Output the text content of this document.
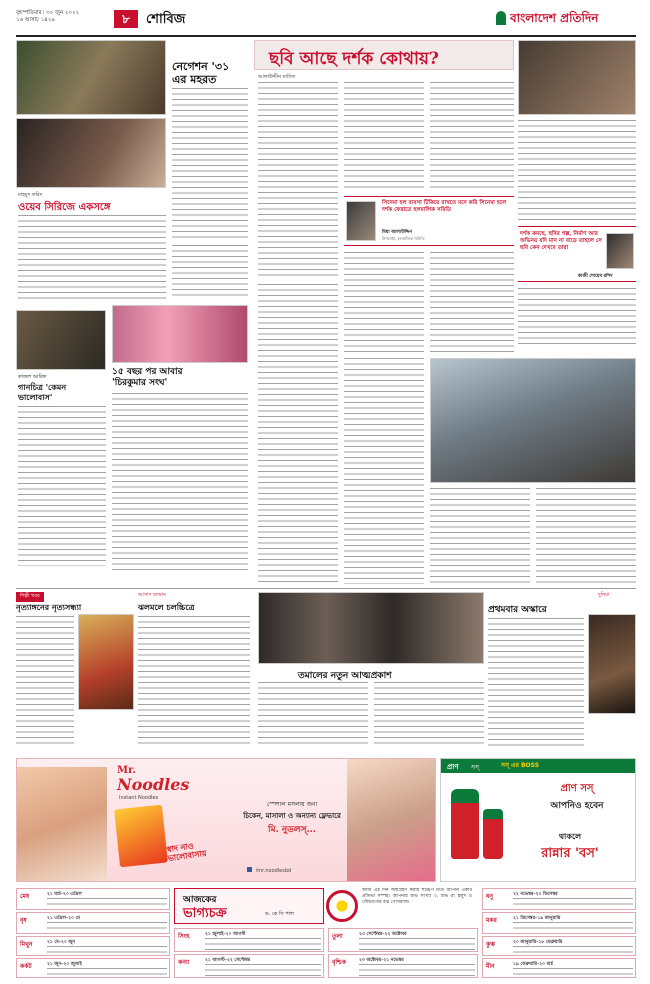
বৃহস্পতিবার ৷ ৩০ জুন ২০২২
১৬ আষাঢ় ১৪২৯	৮	শোবিজ	বাংলাদেশ প্রতিদিন
নেগেশন '৩১
এর মহরত
মাহমুদ ফরিদ
ওয়েব সিরিজে একসঙ্গে
কাজল আরিফ
গানচিত্র 'কেমন
ভালোবাস'
১৫ বছর পর আবার
'চিরকুমার সংঘ'
ছবি আছে দর্শক কোথায়?
আলাউদ্দীন মাজিদ
সিনেমা হল ব্যবসা টিকিয়ে রাখতে মনে করি সিনেমা হলে দর্শক ফেরাতে হলমালিক সমিতি
মিয়া আলাউদ্দিন
উপদেষ্টা, হলমালিক সমিতি
দর্শক কমছে, ছবির গল্প, নির্মাণ আর অভিনয় যদি মান না বাড়ে তাহলে সে ছবি কেন দেখবে তারা
কাজী শোয়েব রশিদ
শিল্পী খবর
নৃত্যাঙ্গনের নৃত্যসন্ধ্যা
আসাদ জামান
ঝলমলে চলচ্চিত্রে
তমালের নতুন আত্মপ্রকাশ
দুনিয়া
প্রথমবার অস্কারে
Mr.
Noodles
Instant Noodles
স্বাদ নাও ভালোবাসায়
স্পেশাল মসলায় জন্য
চিকেন, মাসালা ও অন্যান্য ফ্লেভারে
মি. নুডলস্‌...
/mr.noodlesbd
প্রাণ সস্‌	সস্‌ এর BOSS
প্রাণ সস্‌
আপনিও হবেন
থাকলে
রান্নার 'বস'
আজকের
ভাগ্যচক্র	ড. কে সি পাল
আজ এই দিন জন্মগ্রহণ করায় শঙ্খেপ মতে আপনি একটি প্রতিভা সম্পন্ন। আপনার শুভ সংখ্যা ৩, শুভ রং হলুদ ও সৌভাগ্যের রত্ন পোখরাজ।
মেষ	২১ মার্চ–২০ এপ্রিল
বৃষ	২১ এপ্রিল–২০ মে
মিথুন	২১ মে–২০ জুন
কর্কট	২১ জুন–২০ জুলাই
সিংহ	২১ জুলাই–২০ আগস্ট
কন্যা	২১ আগস্ট–২২ সেপ্টেম্বর
তুলা	২৩ সেপ্টেম্বর–২২ অক্টোবর
বৃশ্চিক	২৩ অক্টোবর–২১ নভেম্বর
ধনু	২২ নভেম্বর–২০ ডিসেম্বর
মকর	২১ ডিসেম্বর–১৯ জানুয়ারি
কুম্ভ	২০ জানুয়ারি–১৮ ফেব্রুয়ারি
মীন	১৯ ফেব্রুয়ারি–২০ মার্চ
